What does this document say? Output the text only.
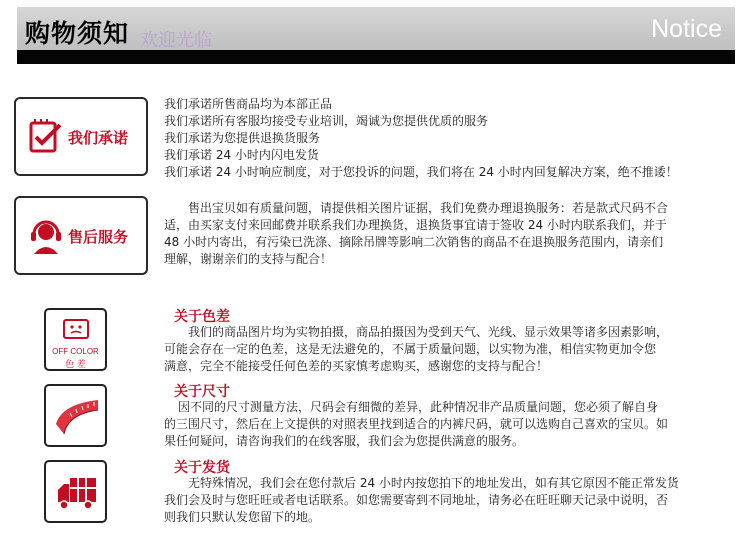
购物须知 欢迎光临	Notice
我们承诺
我们承诺所售商品均为本部正品
我们承诺所有客服均接受专业培训，竭诚为您提供优质的服务
我们承诺为您提供退换货服务
我们承诺 24 小时内闪电发货
我们承诺 24 小时响应制度，对于您投诉的问题，我们将在 24 小时内回复解决方案，绝不推诿！
售后服务
售出宝贝如有质量问题，请提供相关图片证据，我们免费办理退换服务：若是款式尺码不合
适，由买家支付来回邮费并联系我们办理换货，退换货事宜请于签收 24 小时内联系我们，并于
48 小时内寄出，有污染已洗涤、摘除吊牌等影响二次销售的商品不在退换服务范围内，请亲们
理解，谢谢亲们的支持与配合！
OFF COLOR
色 差
关于色差
我们的商品图片均为实物拍摄，商品拍摄因为受到天气、光线、显示效果等诸多因素影响，
可能会存在一定的色差，这是无法避免的，不属于质量问题，以实物为准，相信实物更加令您
满意，完全不能接受任何色差的买家慎考虑购买，感谢您的支持与配合！
关于尺寸
因不同的尺寸测量方法，尺码会有细微的差异，此种情况非产品质量问题，您必须了解自身
的三围尺寸，然后在上文提供的对照表里找到适合的内裤尺码，就可以选购自己喜欢的宝贝。如
果任何疑问，请咨询我们的在线客服，我们会为您提供满意的服务。
关于发货
无特殊情况，我们会在您付款后 24 小时内按您拍下的地址发出，如有其它原因不能正常发货
我们会及时与您旺旺或者电话联系。如您需要寄到不同地址，请务必在旺旺聊天记录中说明，否
则我们只默认发您留下的地。
